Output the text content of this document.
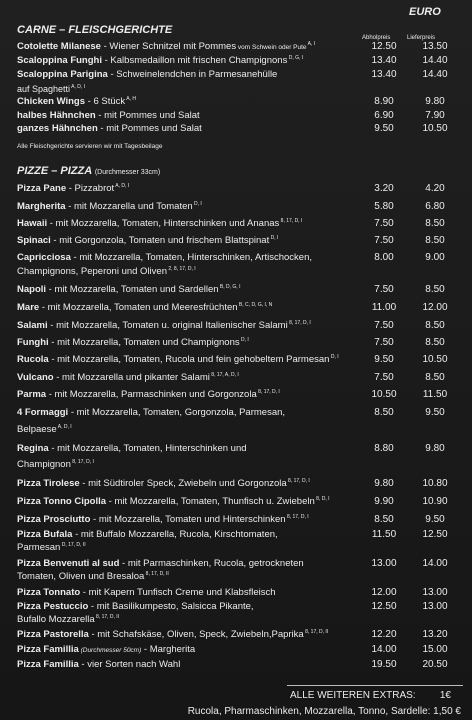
EURO
CARNE – FLEISCHGERICHTE
Abholpreis	Lieferpreis
Cotolette Milanese - Wiener Schnitzel mit Pommes vom Schwein oder Pute $^{A, I}$	12.50	13.50
Scaloppina Funghi - Kalbsmedaillon mit frischen Champignons $^{D, G, I}$	13.40	14.40
Scaloppina Parigina - Schweinelendchen in Parmesanehülle	13.40	14.40
auf Spaghetti $^{A, D, I}$
Chicken Wings - 6 Stück $^{A, H}$	8.90	9.80
halbes Hähnchen - mit Pommes und Salat	6.90	7.90
ganzes Hähnchen - mit Pommes und Salat	9.50	10.50
Alle Fleischgerichte servieren wir mit Tagesbeilage
PIZZE – PIZZA (Durchmesser 33cm)
Pizza Pane - Pizzabrot $^{A, D, I}$	3.20	4.20
Margherita - mit Mozzarella und Tomaten $^{D, I}$	5.80	6.80
Hawaii - mit Mozzarella, Tomaten, Hinterschinken und Ananas $^{8, 17, D, I}$	7.50	8.50
Spinaci - mit Gorgonzola, Tomaten und frischem Blattspinat $^{D, I}$	7.50	8.50
Capricciosa - mit Mozzarella, Tomaten, Hinterschinken, Artischocken,	8.00	9.00
Champignons, Peperoni und Oliven $^{2, 8, 17, D, I}$
Napoli - mit Mozzarella, Tomaten und Sardellen $^{B, D, G, I}$	7.50	8.50
Mare - mit Mozzarella, Tomaten und Meeresfrüchten $^{B, C, D, G, I, N}$	11.00	12.00
Salami - mit Mozzarella, Tomaten u. original Italienischer Salami $^{8, 17, D, I}$	7.50	8.50
Funghi - mit Mozzarella, Tomaten und Champignons $^{D, I}$	7.50	8.50
Rucola - mit Mozzarella, Tomaten, Rucola und fein gehobeltem Parmesan $^{D, I}$	9.50	10.50
Vulcano - mit Mozzarella und pikanter Salami $^{8, 17, A, D, I}$	7.50	8.50
Parma - mit Mozzarella, Parmaschinken und Gorgonzola $^{8, 17, D, I}$	10.50	11.50
4 Formaggi - mit Mozzarella, Tomaten, Gorgonzola, Parmesan,	8.50	9.50
Belpaese $^{A, D, I}$
Regina - mit Mozzarella, Tomaten, Hinterschinken und	8.80	9.80
Champignon $^{8, 17, D, I}$
Pizza Tirolese - mit Südtiroler Speck, Zwiebeln und Gorgonzola $^{8, 17, D, I}$	9.80	10.80
Pizza Tonno Cipolla - mit Mozzarella, Tomaten, Thunfisch u. Zwiebeln $^{8, D, I}$	9.90	10.90
Pizza Prosciutto - mit Mozzarella, Tomaten und Hinterschinken $^{8, 17, D, I}$	8.50	9.50
Pizza Bufala - mit Buffalo Mozzarella, Rucola, Kirschtomaten,	11.50	12.50
Parmesan $^{D, 17, D, II}$
Pizza Benvenuti al sud - mit Parmaschinken, Rucola, getrockneten	13.00	14.00
Tomaten, Oliven und Bresaloa $^{8, 17, D, II}$
Pizza Tonnato - mit Kapern Tunfisch Creme und Klabsfleisch	12.00	13.00
Pizza Pestuccio - mit Basilikumpesto, Salsicca Pikante,	12.50	13.00
Bufallo Mozzarella $^{8, 17, D, II}$
Pizza Pastorella - mit Schafskäse, Oliven, Speck, Zwiebeln,Paprika $^{8, 17, D, II}$	12.20	13.20
Pizza Famillia (Durchmesser 50cm) - Margherita	14.00	15.00
Pizza Famillia - vier Sorten nach Wahl	19.50	20.50
ALLE WEITEREN EXTRAS: 1€
Rucola, Pharmaschinken, Mozzarella, Tonno, Sardelle: 1,50 €
